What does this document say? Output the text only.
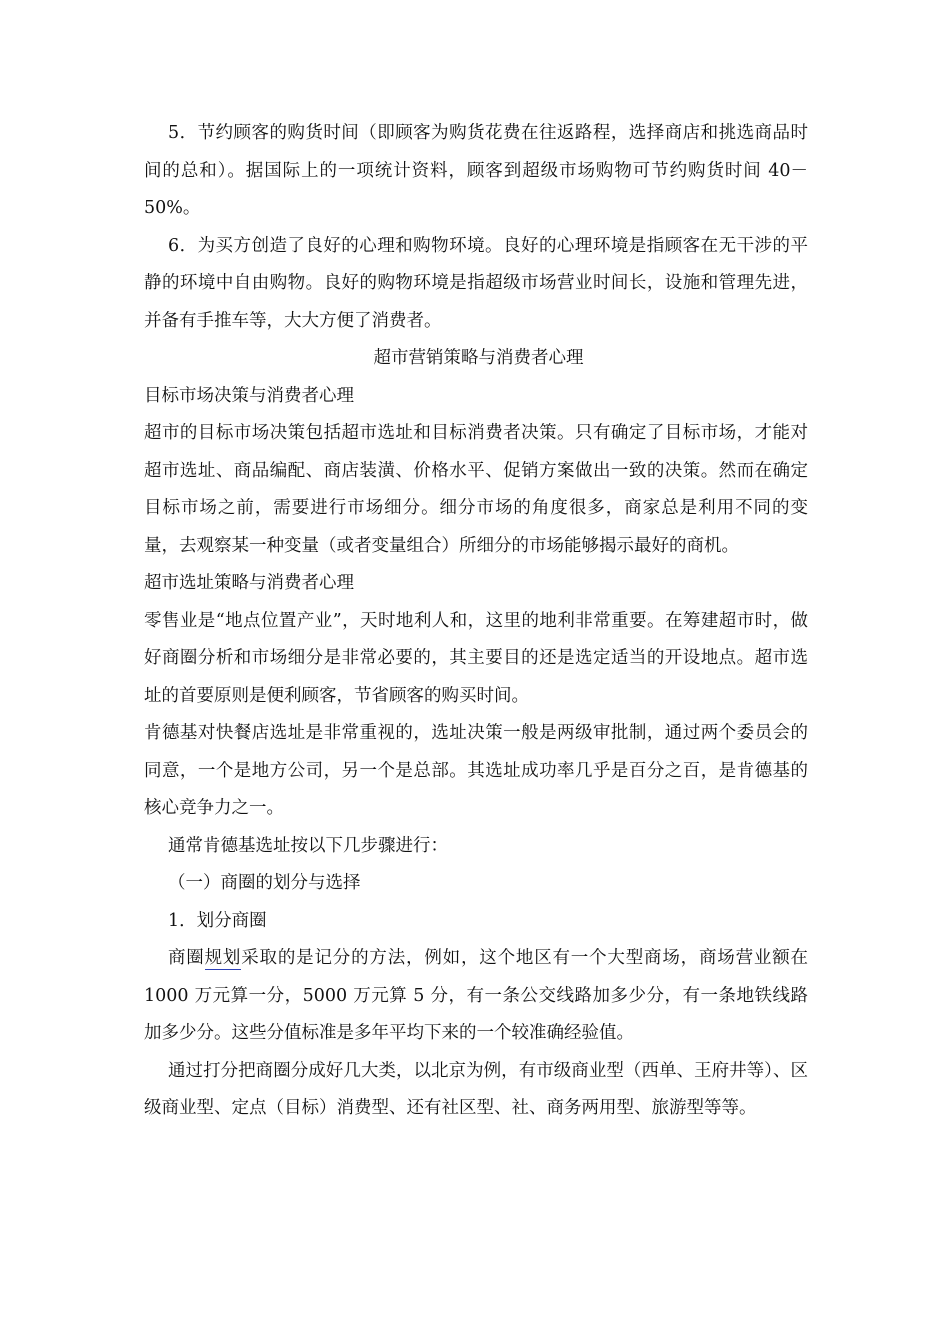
5．节约顾客的购货时间（即顾客为购货花费在往返路程，选择商店和挑选商品时间的总和）。据国际上的一项统计资料，顾客到超级市场购物可节约购货时间 40－50%。

6．为买方创造了良好的心理和购物环境。良好的心理环境是指顾客在无干涉的平静的环境中自由购物。良好的购物环境是指超级市场营业时间长，设施和管理先进，并备有手推车等，大大方便了消费者。

超市营销策略与消费者心理

目标市场决策与消费者心理

超市的目标市场决策包括超市选址和目标消费者决策。只有确定了目标市场，才能对超市选址、商品编配、商店装潢、价格水平、促销方案做出一致的决策。然而在确定目标市场之前，需要进行市场细分。细分市场的角度很多，商家总是利用不同的变量，去观察某一种变量（或者变量组合）所细分的市场能够揭示最好的商机。

超市选址策略与消费者心理

零售业是“地点位置产业”，天时地利人和，这里的地利非常重要。在筹建超市时，做好商圈分析和市场细分是非常必要的，其主要目的还是选定适当的开设地点。超市选址的首要原则是便利顾客，节省顾客的购买时间。

肯德基对快餐店选址是非常重视的，选址决策一般是两级审批制，通过两个委员会的同意，一个是地方公司，另一个是总部。其选址成功率几乎是百分之百，是肯德基的核心竞争力之一。

通常肯德基选址按以下几步骤进行：

（一）商圈的划分与选择

1．划分商圈

商圈规划采取的是记分的方法，例如，这个地区有一个大型商场，商场营业额在 1000 万元算一分，5000 万元算 5 分，有一条公交线路加多少分，有一条地铁线路加多少分。这些分值标准是多年平均下来的一个较准确经验值。

通过打分把商圈分成好几大类，以北京为例，有市级商业型（西单、王府井等）、区级商业型、定点（目标）消费型、还有社区型、社、商务两用型、旅游型等等。
